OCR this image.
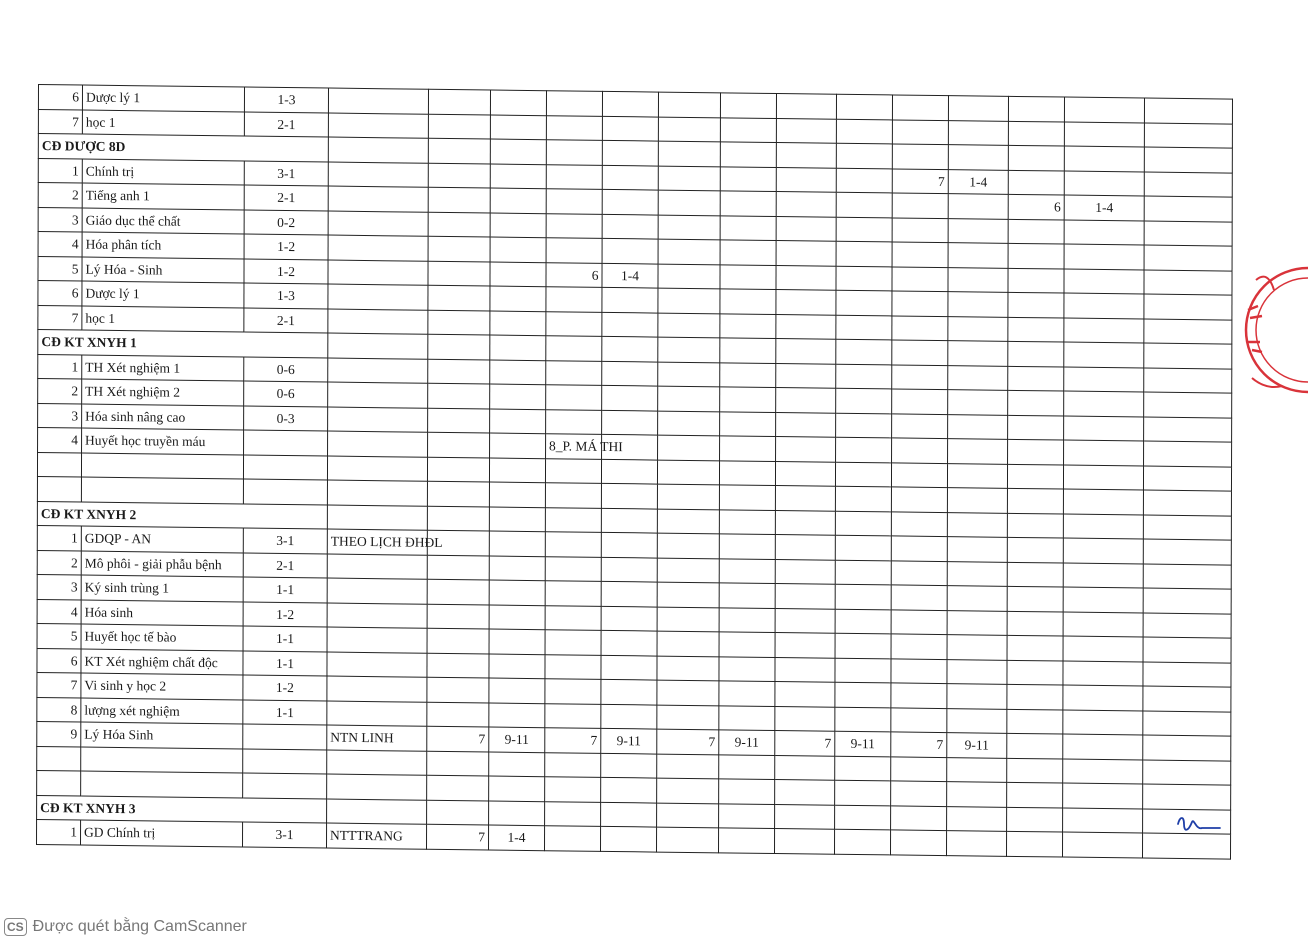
6	Dược lý 1	1-3														
7	học 1	2-1														
CĐ DƯỢC 8D																
1	Chính trị	3-1										7	1-4			
2	Tiếng anh 1	2-1												6	1-4	
3	Giáo dục thể chất	0-2														
4	Hóa phân tích	1-2														
5	Lý Hóa - Sinh	1-2				6	1-4									
6	Dược lý 1	1-3														
7	học 1	2-1														
CĐ KT XNYH 1																
1	TH Xét nghiệm 1	0-6														
2	TH Xét nghiệm 2	0-6														
3	Hóa sinh nâng cao	0-3														
4	Huyết học truyền máu					8_P. MÁ THI										

CĐ KT XNYH 2																
1	GDQP - AN	3-1	THEO LỊCH ĐHĐL													
2	Mô phôi - giải phẫu bệnh	2-1														
3	Ký sinh trùng 1	1-1														
4	Hóa sinh	1-2														
5	Huyết học tế bào	1-1														
6	KT Xét nghiệm chất độc	1-1														
7	Vi sinh y học 2	1-2														
8	lượng xét nghiệm	1-1														
9	Lý Hóa Sinh		NTN LINH	7	9-11	7	9-11	7	9-11	7	9-11	7	9-11			

CĐ KT XNYH 3																
1	GD Chính trị	3-1	NTTTRANG	7	1-4											
CS Được quét bằng CamScanner
